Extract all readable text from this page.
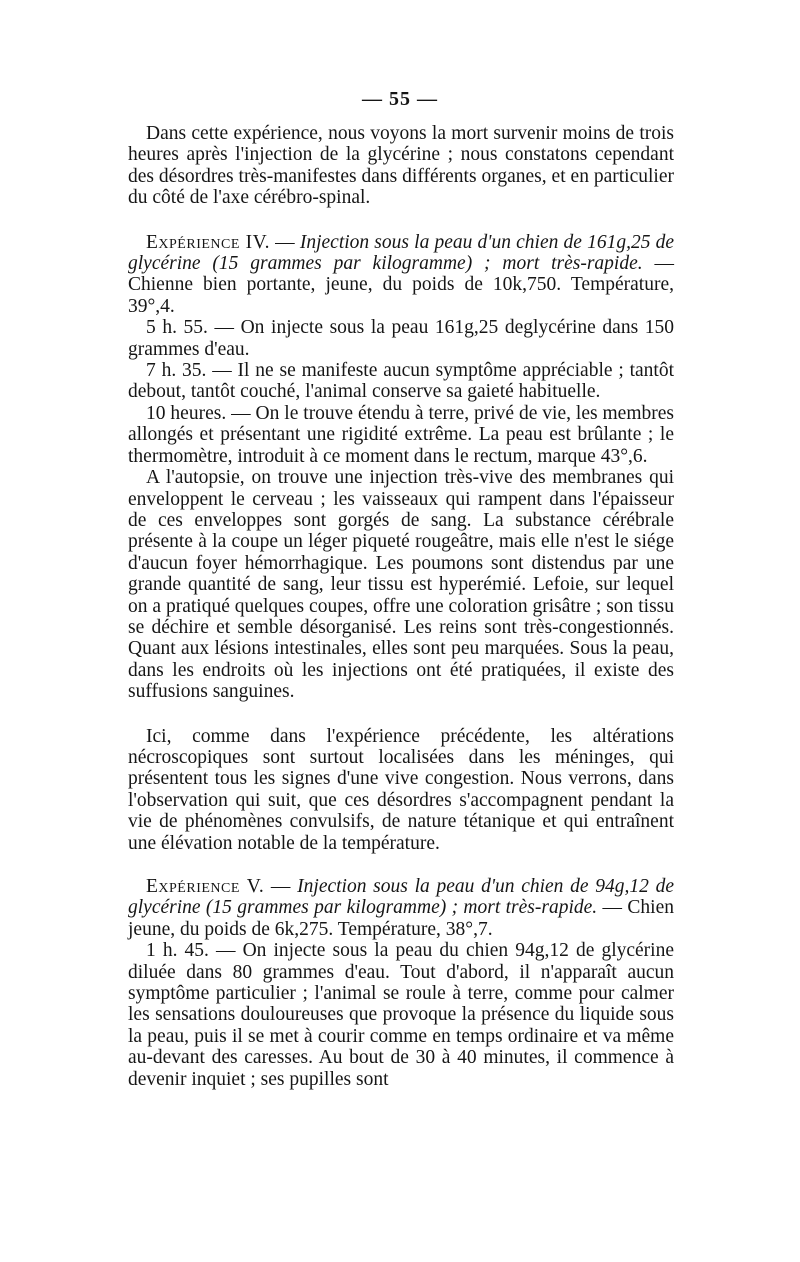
— 55 —

Dans cette expérience, nous voyons la mort survenir moins de trois heures après l'injection de la glycérine ; nous constatons cependant des désordres très-manifestes dans différents organes, et en particulier du côté de l'axe cérébro-spinal.

Expérience IV. — Injection sous la peau d'un chien de 161g,25 de glycérine (15 grammes par kilogramme) ; mort très-rapide. — Chienne bien portante, jeune, du poids de 10k,750. Température, 39°,4.

5 h. 55. — On injecte sous la peau 161g,25 deglycérine dans 150 grammes d'eau.

7 h. 35. — Il ne se manifeste aucun symptôme appréciable ; tantôt debout, tantôt couché, l'animal conserve sa gaieté habituelle.

10 heures. — On le trouve étendu à terre, privé de vie, les membres allongés et présentant une rigidité extrême. La peau est brûlante ; le thermomètre, introduit à ce moment dans le rectum, marque 43°,6.

A l'autopsie, on trouve une injection très-vive des membranes qui enveloppent le cerveau ; les vaisseaux qui rampent dans l'épaisseur de ces enveloppes sont gorgés de sang. La substance cérébrale présente à la coupe un léger piqueté rougeâtre, mais elle n'est le siége d'aucun foyer hémorrhagique. Les poumons sont distendus par une grande quantité de sang, leur tissu est hyperémié. Lefoie, sur lequel on a pratiqué quelques coupes, offre une coloration grisâtre ; son tissu se déchire et semble désorganisé. Les reins sont très-congestionnés. Quant aux lésions intestinales, elles sont peu marquées. Sous la peau, dans les endroits où les injections ont été pratiquées, il existe des suffusions sanguines.

Ici, comme dans l'expérience précédente, les altérations nécroscopiques sont surtout localisées dans les méninges, qui présentent tous les signes d'une vive congestion. Nous verrons, dans l'observation qui suit, que ces désordres s'accompagnent pendant la vie de phénomènes convulsifs, de nature tétanique et qui entraînent une élévation notable de la température.

Expérience V. — Injection sous la peau d'un chien de 94g,12 de glycérine (15 grammes par kilogramme) ; mort très-rapide. — Chien jeune, du poids de 6k,275. Température, 38°,7.

1 h. 45. — On injecte sous la peau du chien 94g,12 de glycérine diluée dans 80 grammes d'eau. Tout d'abord, il n'apparaît aucun symptôme particulier ; l'animal se roule à terre, comme pour calmer les sensations douloureuses que provoque la présence du liquide sous la peau, puis il se met à courir comme en temps ordinaire et va même au-devant des caresses. Au bout de 30 à 40 minutes, il commence à devenir inquiet ; ses pupilles sont
